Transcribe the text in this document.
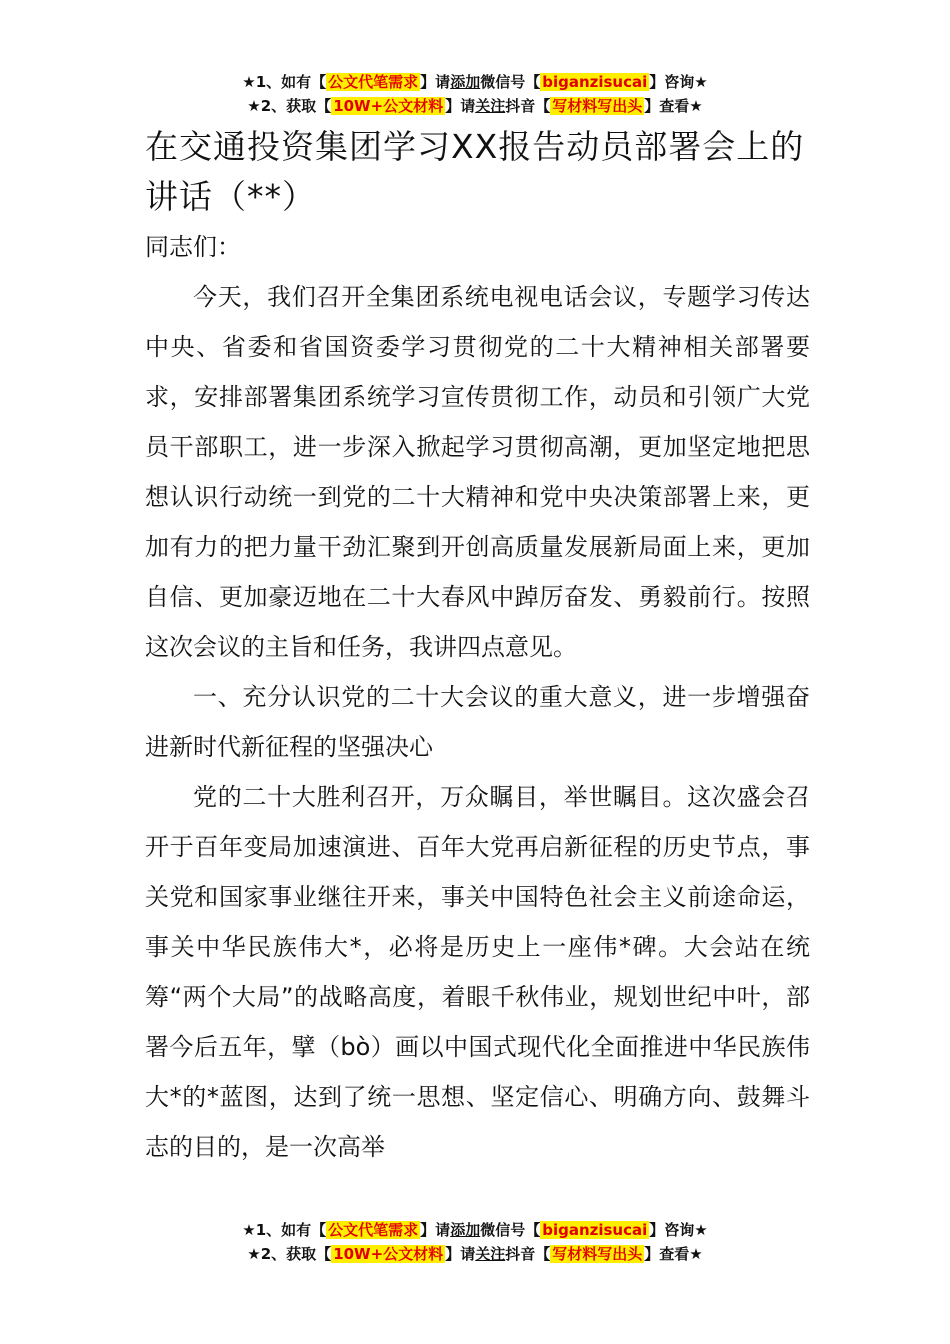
★1、如有【 公文代笔需求 】请添加微信号【 biganzisucai 】咨询★
★2、获取【 10W+公文材料 】请关注抖音【 写材料写出头 】查看★
在交通投资集团学习XX报告动员部署会上的讲话（**）

同志们：

今天，我们召开全集团系统电视电话会议，专题学习传达中央、省委和省国资委学习贯彻党的二十大精神相关部署要求，安排部署集团系统学习宣传贯彻工作，动员和引领广大党员干部职工，进一步深入掀起学习贯彻高潮，更加坚定地把思想认识行动统一到党的二十大精神和党中央决策部署上来，更加有力的把力量干劲汇聚到开创高质量发展新局面上来，更加自信、更加豪迈地在二十大春风中踔厉奋发、勇毅前行。按照这次会议的主旨和任务，我讲四点意见。

一、充分认识党的二十大会议的重大意义，进一步增强奋进新时代新征程的坚强决心

党的二十大胜利召开，万众瞩目，举世瞩目。这次盛会召开于百年变局加速演进、百年大党再启新征程的历史节点，事关党和国家事业继往开来，事关中国特色社会主义前途命运，事关中华民族伟大*，必将是历史上一座伟*碑。大会站在统筹“两个大局”的战略高度，着眼千秋伟业，规划世纪中叶，部署今后五年，擘（bò）画以中国式现代化全面推进中华民族伟大*的*蓝图，达到了统一思想、坚定信心、明确方向、鼓舞斗志的目的，是一次高举

★1、如有【 公文代笔需求 】请添加微信号【 biganzisucai 】咨询★
★2、获取【 10W+公文材料 】请关注抖音【 写材料写出头 】查看★
